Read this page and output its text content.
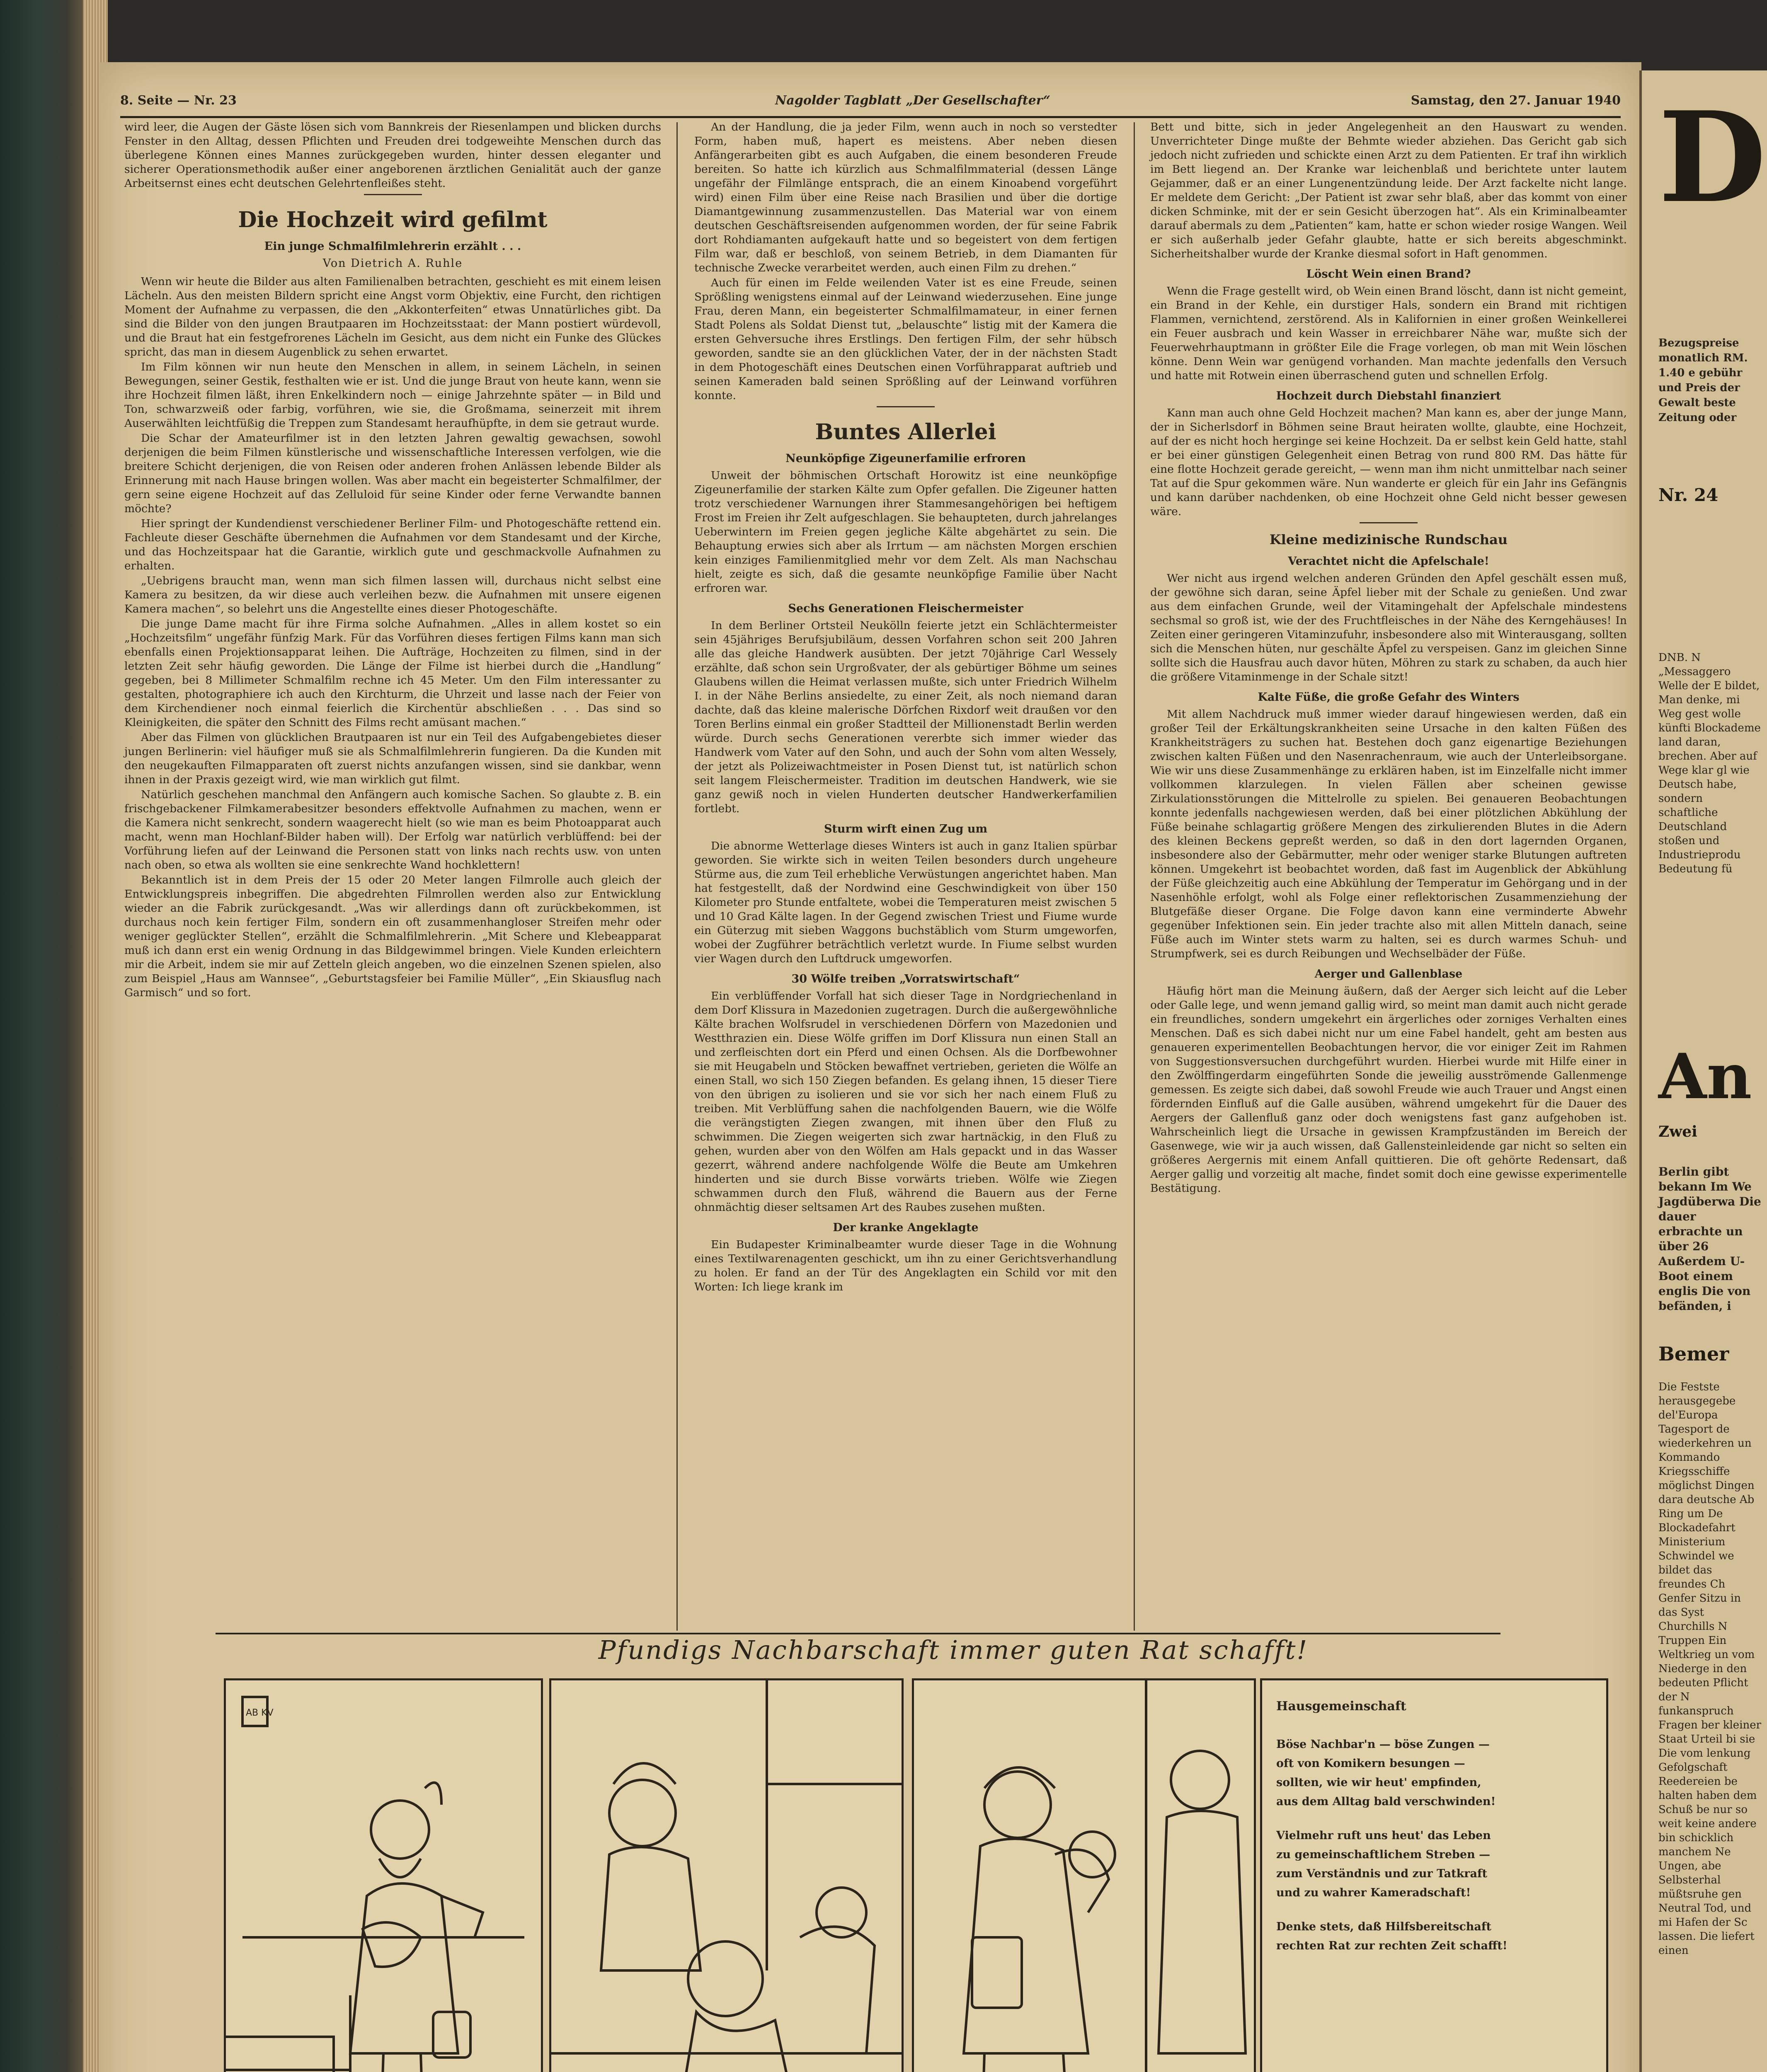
D
Bezugspreise monatlich RM. 1.40 e gebühr und Preis der Gewalt beste Zeitung oder
Nr. 24
DNB. N „Messaggero Welle der E bildet, Man denke, mi Weg gest wolle künfti Blockademe land daran, brechen. Aber auf Wege klar gl wie Deutsch habe, sondern schaftliche Deutschland stoßen und Industrieprodu Bedeutung fü
An
Zwei
Berlin gibt bekann Im We Jagdüberwa Die dauer erbrachte un über 26 Außerdem U-Boot einem englis Die von befänden, i
Bemer
Die Festste herausgegebe del'Europa Tagesport de wiederkehren un Kommando Kriegsschiffe möglichst Dingen dara deutsche Ab Ring um De Blockadefahrt Ministerium Schwindel we bildet das freundes Ch Genfer Sitzu in das Syst Churchills N Truppen Ein Weltkrieg un vom Niederge in den bedeuten Pflicht der N funkanspruch Fragen ber kleiner Staat Urteil bi sie Die vom lenkung Gefolgschaft Reedereien be halten haben dem Schuß be nur so weit keine andere bin schicklich manchem Ne Ungen, abe Selbsterhal müßtsruhe gen Neutral Tod, und mi Hafen der Sc lassen. Die liefert einen
8. Seite — Nr. 23	Nagolder Tagblatt „Der Gesellschafter“	Samstag, den 27. Januar 1940

wird leer, die Augen der Gäste lösen sich vom Bannkreis der Riesenlampen und blicken durchs Fenster in den Alltag, dessen Pflichten und Freuden drei todgeweihte Menschen durch das überlegene Können eines Mannes zurückgegeben wurden, hinter dessen eleganter und sicherer Operationsmethodik außer einer angeborenen ärztlichen Genialität auch der ganze Arbeitsernst eines echt deutschen Gelehrtenfleißes steht.

Die Hochzeit wird gefilmt
Ein junge Schmalfilmlehrerin erzählt . . .
Von Dietrich A. Ruhle

Wenn wir heute die Bilder aus alten Familienalben betrachten, geschieht es mit einem leisen Lächeln. Aus den meisten Bildern spricht eine Angst vorm Objektiv, eine Furcht, den richtigen Moment der Aufnahme zu verpassen, die den „Akkonterfeiten“ etwas Unnatürliches gibt. Da sind die Bilder von den jungen Brautpaaren im Hochzeitsstaat: der Mann postiert würdevoll, und die Braut hat ein festgefrorenes Lächeln im Gesicht, aus dem nicht ein Funke des Glückes spricht, das man in diesem Augenblick zu sehen erwartet.

Im Film können wir nun heute den Menschen in allem, in seinem Lächeln, in seinen Bewegungen, seiner Gestik, festhalten wie er ist. Und die junge Braut von heute kann, wenn sie ihre Hochzeit filmen läßt, ihren Enkelkindern noch — einige Jahrzehnte später — in Bild und Ton, schwarzweiß oder farbig, vorführen, wie sie, die Großmama, seinerzeit mit ihrem Auserwählten leichtfüßig die Treppen zum Standesamt heraufhüpfte, in dem sie getraut wurde.

Die Schar der Amateurfilmer ist in den letzten Jahren gewaltig gewachsen, sowohl derjenigen die beim Filmen künstlerische und wissenschaftliche Interessen verfolgen, wie die breitere Schicht derjenigen, die von Reisen oder anderen frohen Anlässen lebende Bilder als Erinnerung mit nach Hause bringen wollen. Was aber macht ein begeisterter Schmalfilmer, der gern seine eigene Hochzeit auf das Zelluloid für seine Kinder oder ferne Verwandte bannen möchte?

Hier springt der Kundendienst verschiedener Berliner Film- und Photogeschäfte rettend ein. Fachleute dieser Geschäfte übernehmen die Aufnahmen vor dem Standesamt und der Kirche, und das Hochzeitspaar hat die Garantie, wirklich gute und geschmackvolle Aufnahmen zu erhalten.

„Uebrigens braucht man, wenn man sich filmen lassen will, durchaus nicht selbst eine Kamera zu besitzen, da wir diese auch verleihen bezw. die Aufnahmen mit unsere eigenen Kamera machen“, so belehrt uns die Angestellte eines dieser Photogeschäfte.

Die junge Dame macht für ihre Firma solche Aufnahmen. „Alles in allem kostet so ein „Hochzeitsfilm“ ungefähr fünfzig Mark. Für das Vorführen dieses fertigen Films kann man sich ebenfalls einen Projektionsapparat leihen. Die Aufträge, Hochzeiten zu filmen, sind in der letzten Zeit sehr häufig geworden. Die Länge der Filme ist hierbei durch die „Handlung“ gegeben, bei 8 Millimeter Schmalfilm rechne ich 45 Meter. Um den Film interessanter zu gestalten, photographiere ich auch den Kirchturm, die Uhrzeit und lasse nach der Feier von dem Kirchendiener noch einmal feierlich die Kirchentür abschließen . . . Das sind so Kleinigkeiten, die später den Schnitt des Films recht amüsant machen.“

Aber das Filmen von glücklichen Brautpaaren ist nur ein Teil des Aufgabengebietes dieser jungen Berlinerin: viel häufiger muß sie als Schmalfilmlehrerin fungieren. Da die Kunden mit den neugekauften Filmapparaten oft zuerst nichts anzufangen wissen, sind sie dankbar, wenn ihnen in der Praxis gezeigt wird, wie man wirklich gut filmt.

Natürlich geschehen manchmal den Anfängern auch komische Sachen. So glaubte z. B. ein frischgebackener Filmkamerabesitzer besonders effektvolle Aufnahmen zu machen, wenn er die Kamera nicht senkrecht, sondern waagerecht hielt (so wie man es beim Photoapparat auch macht, wenn man Hochlanf-Bilder haben will). Der Erfolg war natürlich verblüffend: bei der Vorführung liefen auf der Leinwand die Personen statt von links nach rechts usw. von unten nach oben, so etwa als wollten sie eine senkrechte Wand hochklettern!

Bekanntlich ist in dem Preis der 15 oder 20 Meter langen Filmrolle auch gleich der Entwicklungspreis inbegriffen. Die abgedrehten Filmrollen werden also zur Entwicklung wieder an die Fabrik zurückgesandt. „Was wir allerdings dann oft zurückbekommen, ist durchaus noch kein fertiger Film, sondern ein oft zusammenhangloser Streifen mehr oder weniger geglückter Stellen“, erzählt die Schmalfilmlehrerin. „Mit Schere und Klebeapparat muß ich dann erst ein wenig Ordnung in das Bildgewimmel bringen. Viele Kunden erleichtern mir die Arbeit, indem sie mir auf Zetteln gleich angeben, wo die einzelnen Szenen spielen, also zum Beispiel „Haus am Wannsee“, „Geburtstagsfeier bei Familie Müller“, „Ein Skiausflug nach Garmisch“ und so fort.

An der Handlung, die ja jeder Film, wenn auch in noch so verstedter Form, haben muß, hapert es meistens. Aber neben diesen Anfängerarbeiten gibt es auch Aufgaben, die einem besonderen Freude bereiten. So hatte ich kürzlich aus Schmalfilmmaterial (dessen Länge ungefähr der Filmlänge entsprach, die an einem Kinoabend vorgeführt wird) einen Film über eine Reise nach Brasilien und über die dortige Diamantgewinnung zusammenzustellen. Das Material war von einem deutschen Geschäftsreisenden aufgenommen worden, der für seine Fabrik dort Rohdiamanten aufgekauft hatte und so begeistert von dem fertigen Film war, daß er beschloß, von seinem Betrieb, in dem Diamanten für technische Zwecke verarbeitet werden, auch einen Film zu drehen.“

Auch für einen im Felde weilenden Vater ist es eine Freude, seinen Sprößling wenigstens einmal auf der Leinwand wiederzusehen. Eine junge Frau, deren Mann, ein begeisterter Schmalfilmamateur, in einer fernen Stadt Polens als Soldat Dienst tut, „belauschte“ listig mit der Kamera die ersten Gehversuche ihres Erstlings. Den fertigen Film, der sehr hübsch geworden, sandte sie an den glücklichen Vater, der in der nächsten Stadt in dem Photogeschäft eines Deutschen einen Vorführapparat auftrieb und seinen Kameraden bald seinen Sprößling auf der Leinwand vorführen konnte.

Buntes Allerlei
Neunköpfige Zigeunerfamilie erfroren

Unweit der böhmischen Ortschaft Horowitz ist eine neunköpfige Zigeunerfamilie der starken Kälte zum Opfer gefallen. Die Zigeuner hatten trotz verschiedener Warnungen ihrer Stammesangehörigen bei heftigem Frost im Freien ihr Zelt aufgeschlagen. Sie behaupteten, durch jahrelanges Ueberwintern im Freien gegen jegliche Kälte abgehärtet zu sein. Die Behauptung erwies sich aber als Irrtum — am nächsten Morgen erschien kein einziges Familienmitglied mehr vor dem Zelt. Als man Nachschau hielt, zeigte es sich, daß die gesamte neunköpfige Familie über Nacht erfroren war.

Sechs Generationen Fleischermeister

In dem Berliner Ortsteil Neukölln feierte jetzt ein Schlächtermeister sein 45jähriges Berufsjubiläum, dessen Vorfahren schon seit 200 Jahren alle das gleiche Handwerk ausübten. Der jetzt 70jährige Carl Wessely erzählte, daß schon sein Urgroßvater, der als gebürtiger Böhme um seines Glaubens willen die Heimat verlassen mußte, sich unter Friedrich Wilhelm I. in der Nähe Berlins ansiedelte, zu einer Zeit, als noch niemand daran dachte, daß das kleine malerische Dörfchen Rixdorf weit draußen vor den Toren Berlins einmal ein großer Stadtteil der Millionenstadt Berlin werden würde. Durch sechs Generationen vererbte sich immer wieder das Handwerk vom Vater auf den Sohn, und auch der Sohn vom alten Wessely, der jetzt als Polizeiwachtmeister in Posen Dienst tut, ist natürlich schon seit langem Fleischermeister. Tradition im deutschen Handwerk, wie sie ganz gewiß noch in vielen Hunderten deutscher Handwerkerfamilien fortlebt.

Sturm wirft einen Zug um

Die abnorme Wetterlage dieses Winters ist auch in ganz Italien spürbar geworden. Sie wirkte sich in weiten Teilen besonders durch ungeheure Stürme aus, die zum Teil erhebliche Verwüstungen angerichtet haben. Man hat festgestellt, daß der Nordwind eine Geschwindigkeit von über 150 Kilometer pro Stunde entfaltete, wobei die Temperaturen meist zwischen 5 und 10 Grad Kälte lagen. In der Gegend zwischen Triest und Fiume wurde ein Güterzug mit sieben Waggons buchstäblich vom Sturm umgeworfen, wobei der Zugführer beträchtlich verletzt wurde. In Fiume selbst wurden vier Wagen durch den Luftdruck umgeworfen.

30 Wölfe treiben „Vorratswirtschaft“

Ein verblüffender Vorfall hat sich dieser Tage in Nordgriechenland in dem Dorf Klissura in Mazedonien zugetragen. Durch die außergewöhnliche Kälte brachen Wolfsrudel in verschiedenen Dörfern von Mazedonien und Westthrazien ein. Diese Wölfe griffen im Dorf Klissura nun einen Stall an und zerfleischten dort ein Pferd und einen Ochsen. Als die Dorfbewohner sie mit Heugabeln und Stöcken bewaffnet vertrieben, gerieten die Wölfe an einen Stall, wo sich 150 Ziegen befanden. Es gelang ihnen, 15 dieser Tiere von den übrigen zu isolieren und sie vor sich her nach einem Fluß zu treiben. Mit Verblüffung sahen die nachfolgenden Bauern, wie die Wölfe die verängstigten Ziegen zwangen, mit ihnen über den Fluß zu schwimmen. Die Ziegen weigerten sich zwar hartnäckig, in den Fluß zu gehen, wurden aber von den Wölfen am Hals gepackt und in das Wasser gezerrt, während andere nachfolgende Wölfe die Beute am Umkehren hinderten und sie durch Bisse vorwärts trieben. Wölfe wie Ziegen schwammen durch den Fluß, während die Bauern aus der Ferne ohnmächtig dieser seltsamen Art des Raubes zusehen mußten.

Der kranke Angeklagte

Ein Budapester Kriminalbeamter wurde dieser Tage in die Wohnung eines Textilwarenagenten geschickt, um ihn zu einer Gerichtsverhandlung zu holen. Er fand an der Tür des Angeklagten ein Schild vor mit den Worten: Ich liege krank im

Bett und bitte, sich in jeder Angelegenheit an den Hauswart zu wenden. Unverrichteter Dinge mußte der Behmte wieder abziehen. Das Gericht gab sich jedoch nicht zufrieden und schickte einen Arzt zu dem Patienten. Er traf ihn wirklich im Bett liegend an. Der Kranke war leichenblaß und berichtete unter lautem Gejammer, daß er an einer Lungenentzündung leide. Der Arzt fackelte nicht lange. Er meldete dem Gericht: „Der Patient ist zwar sehr blaß, aber das kommt von einer dicken Schminke, mit der er sein Gesicht überzogen hat“. Als ein Kriminalbeamter darauf abermals zu dem „Patienten“ kam, hatte er schon wieder rosige Wangen. Weil er sich außerhalb jeder Gefahr glaubte, hatte er sich bereits abgeschminkt. Sicherheitshalber wurde der Kranke diesmal sofort in Haft genommen.

Löscht Wein einen Brand?

Wenn die Frage gestellt wird, ob Wein einen Brand löscht, dann ist nicht gemeint, ein Brand in der Kehle, ein durstiger Hals, sondern ein Brand mit richtigen Flammen, vernichtend, zerstörend. Als in Kalifornien in einer großen Weinkellerei ein Feuer ausbrach und kein Wasser in erreichbarer Nähe war, mußte sich der Feuerwehrhauptmann in größter Eile die Frage vorlegen, ob man mit Wein löschen könne. Denn Wein war genügend vorhanden. Man machte jedenfalls den Versuch und hatte mit Rotwein einen überraschend guten und schnellen Erfolg.

Hochzeit durch Diebstahl finanziert

Kann man auch ohne Geld Hochzeit machen? Man kann es, aber der junge Mann, der in Sicherlsdorf in Böhmen seine Braut heiraten wollte, glaubte, eine Hochzeit, auf der es nicht hoch hergingе sei keine Hochzeit. Da er selbst kein Geld hatte, stahl er bei einer günstigen Gelegenheit einen Betrag von rund 800 RM. Das hätte für eine flotte Hochzeit gerade gereicht, — wenn man ihm nicht unmittelbar nach seiner Tat auf die Spur gekommen wäre. Nun wanderte er gleich für ein Jahr ins Gefängnis und kann darüber nachdenken, ob eine Hochzeit ohne Geld nicht besser gewesen wäre.

Kleine medizinische Rundschau
Verachtet nicht die Apfelschale!

Wer nicht aus irgend welchen anderen Gründen den Apfel geschält essen muß, der gewöhne sich daran, seine Äpfel lieber mit der Schale zu genießen. Und zwar aus dem einfachen Grunde, weil der Vitamingehalt der Apfelschale mindestens sechsmal so groß ist, wie der des Fruchtfleisches in der Nähe des Kerngehäuses! In Zeiten einer geringeren Vitaminzufuhr, insbesondere also mit Winterausgang, sollten sich die Menschen hüten, nur geschälte Äpfel zu verspeisen. Ganz im gleichen Sinne sollte sich die Hausfrau auch davor hüten, Möhren zu stark zu schaben, da auch hier die größere Vitaminmenge in der Schale sitzt!

Kalte Füße, die große Gefahr des Winters

Mit allem Nachdruck muß immer wieder darauf hingewiesen werden, daß ein großer Teil der Erkältungskrankheiten seine Ursache in den kalten Füßen des Krankheitsträgers zu suchen hat. Bestehen doch ganz eigenartige Beziehungen zwischen kalten Füßen und den Nasenrachenraum, wie auch der Unterleibsorgane. Wie wir uns diese Zusammenhänge zu erklären haben, ist im Einzelfalle nicht immer vollkommen klarzulegen. In vielen Fällen aber scheinen gewisse Zirkulationsstörungen die Mittelrolle zu spielen. Bei genaueren Beobachtungen konnte jedenfalls nachgewiesen werden, daß bei einer plötzlichen Abkühlung der Füße beinahe schlagartig größere Mengen des zirkulierenden Blutes in die Adern des kleinen Beckens gepreßt werden, so daß in den dort lagernden Organen, insbesondere also der Gebärmutter, mehr oder weniger starke Blutungen auftreten können. Umgekehrt ist beobachtet worden, daß fast im Augenblick der Abkühlung der Füße gleichzeitig auch eine Abkühlung der Temperatur im Gehörgang und in der Nasenhöhle erfolgt, wohl als Folge einer reflektorischen Zusammenziehung der Blutgefäße dieser Organe. Die Folge davon kann eine verminderte Abwehr gegenüber Infektionen sein. Ein jeder trachte also mit allen Mitteln danach, seine Füße auch im Winter stets warm zu halten, sei es durch warmes Schuh- und Strumpfwerk, sei es durch Reibungen und Wechselbäder der Füße.

Aerger und Gallenblase

Häufig hört man die Meinung äußern, daß der Aerger sich leicht auf die Leber oder Galle lege, und wenn jemand gallig wird, so meint man damit auch nicht gerade ein freundliches, sondern umgekehrt ein ärgerliches oder zorniges Verhalten eines Menschen. Daß es sich dabei nicht nur um eine Fabel handelt, geht am besten aus genaueren experimentellen Beobachtungen hervor, die vor einiger Zeit im Rahmen von Suggestionsversuchen durchgeführt wurden. Hierbei wurde mit Hilfe einer in den Zwölffingerdarm eingeführten Sonde die jeweilig ausströmende Gallenmenge gemessen. Es zeigte sich dabei, daß sowohl Freude wie auch Trauer und Angst einen fördernden Einfluß auf die Galle ausüben, während umgekehrt für die Dauer des Aergers der Gallenfluß ganz oder doch wenigstens fast ganz aufgehoben ist. Wahrscheinlich liegt die Ursache in gewissen Krampfzuständen im Bereich der Gasenwege, wie wir ja auch wissen, daß Gallensteinleidende gar nicht so selten ein größeres Aergernis mit einem Anfall quittieren. Die oft gehörte Redensart, daß Aerger gallig und vorzeitig alt mache, findet somit doch eine gewisse experimentelle Bestätigung.

Pfundigs Nachbarschaft immer guten Rat schafft!
AB KV	Hausgemeinschaft
Böse Nachbar'n — böse Zungen —
oft von Komikern besungen —
sollten, wie wir heut' empfinden,
aus dem Alltag bald verschwinden!
Vielmehr ruft uns heut' das Leben
zu gemeinschaftlichem Streben —
zum Verständnis und zur Tatkraft
und zu wahrer Kameradschaft!
Denke stets, daß Hilfsbereitschaft
rechten Rat zur rechten Zeit schafft!
